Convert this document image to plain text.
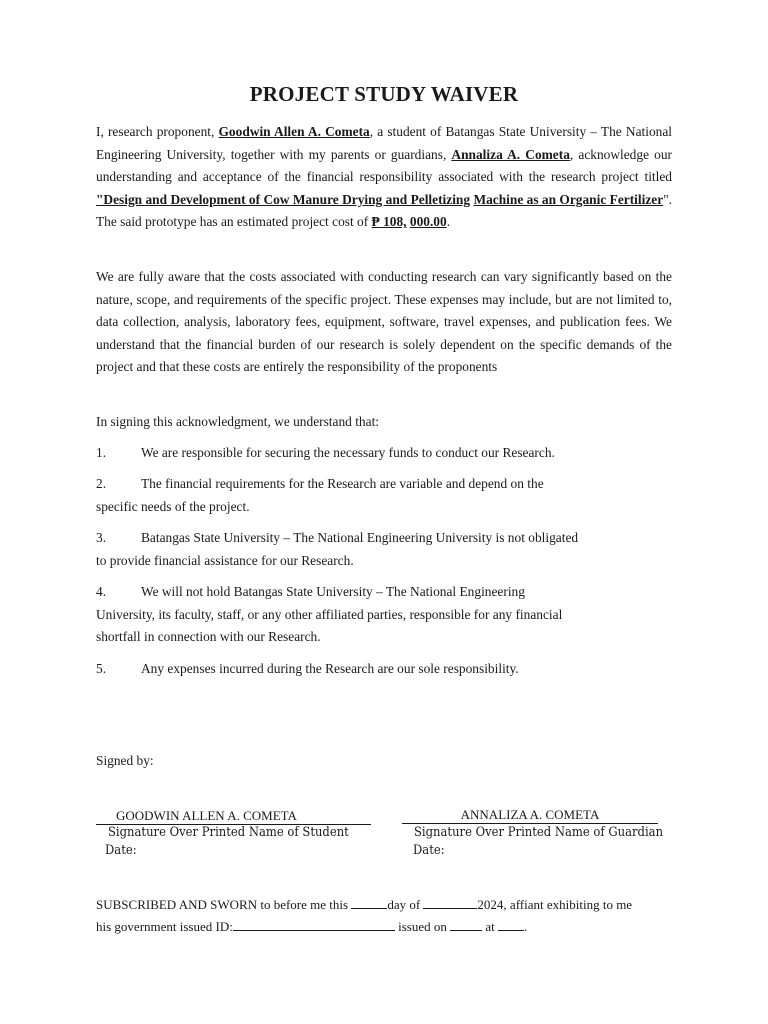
PROJECT STUDY WAIVER
I, research proponent, Goodwin Allen A. Cometa, a student of Batangas State University – The National Engineering University, together with my parents or guardians, Annaliza A. Cometa, acknowledge our understanding and acceptance of the financial responsibility associated with the research project titled "Design and Development of Cow Manure Drying and Pelletizing Machine as an Organic Fertilizer". The said prototype has an estimated project cost of ₱ 108, 000.00.
We are fully aware that the costs associated with conducting research can vary significantly based on the nature, scope, and requirements of the specific project. These expenses may include, but are not limited to, data collection, analysis, laboratory fees, equipment, software, travel expenses, and publication fees. We understand that the financial burden of our research is solely dependent on the specific demands of the project and that these costs are entirely the responsibility of the proponents
In signing this acknowledgment, we understand that:
1.	We are responsible for securing the necessary funds to conduct our Research.
2.	The financial requirements for the Research are variable and depend on the
specific needs of the project.
3.	Batangas State University – The National Engineering University is not obligated
to provide financial assistance for our Research.
4.	We will not hold Batangas State University – The National Engineering
University, its faculty, staff, or any other affiliated parties, responsible for any financial
shortfall in connection with our Research.
5.	Any expenses incurred during the Research are our sole responsibility.
Signed by:
GOODWIN ALLEN A. COMETA
Signature Over Printed Name of Student
Date:
ANNALIZA A. COMETA
Signature Over Printed Name of Guardian
Date:
SUBSCRIBED AND SWORN to before me this	day of	2024, affiant exhibiting to me
his government issued ID:	issued on  at .
